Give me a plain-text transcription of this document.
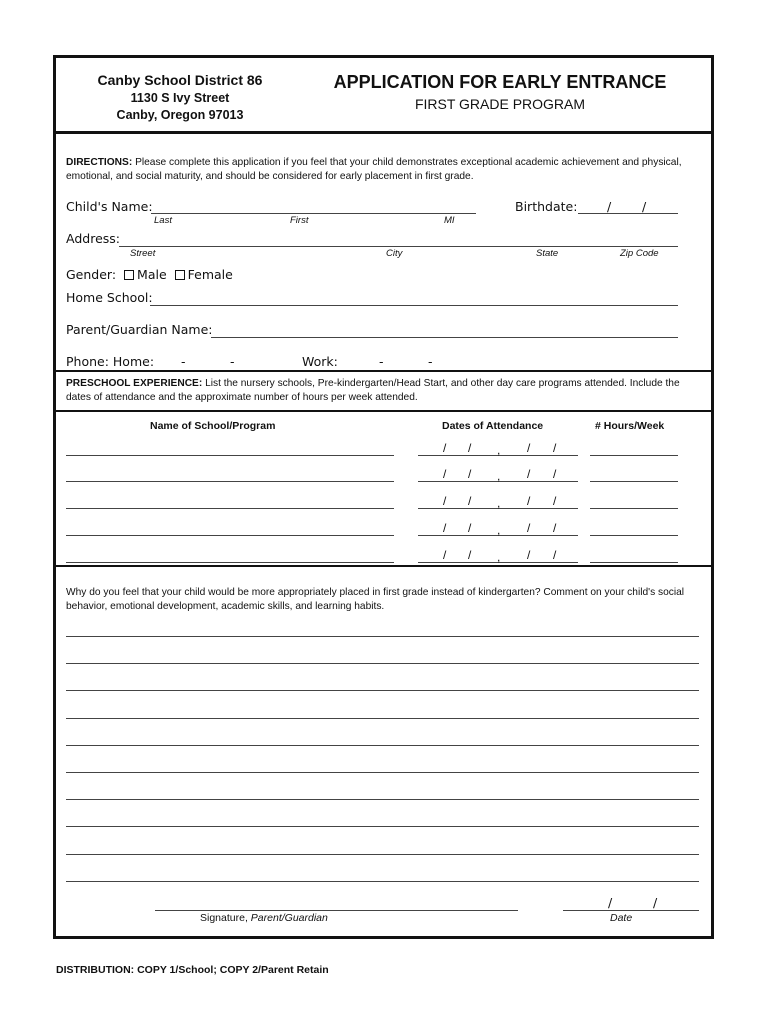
Canby School District 86
1130 S Ivy Street
Canby, Oregon 97013
APPLICATION FOR EARLY ENTRANCE
FIRST GRADE PROGRAM
DIRECTIONS: Please complete this application if you feel that your child demonstrates exceptional academic achievement and physical, emotional, and social maturity, and should be considered for early placement in first grade.
Child's Name:
Last	First	MI
Birthdate: / /
Address:
Street	City	State	Zip Code
Gender: Male Female
Home School:
Parent/Guardian Name:
Phone: Home: -	-	Work:	-	-
PRESCHOOL EXPERIENCE: List the nursery schools, Pre-kindergarten/Head Start, and other day care programs attended. Include the dates of attendance and the approximate number of hours per week attended.
Name of School/Program	Dates of Attendance	# Hours/Week
/ /	/ /
,
/ /	/ /
,
/ /	/ /
,
/ /	/ /
,
/ /	/ /
,
Why do you feel that your child would be more appropriately placed in first grade instead of kindergarten? Comment on your child's social behavior, emotional development, academic skills, and learning habits.
Signature, Parent/Guardian
/	/
Date
DISTRIBUTION: COPY 1/School; COPY 2/Parent Retain
